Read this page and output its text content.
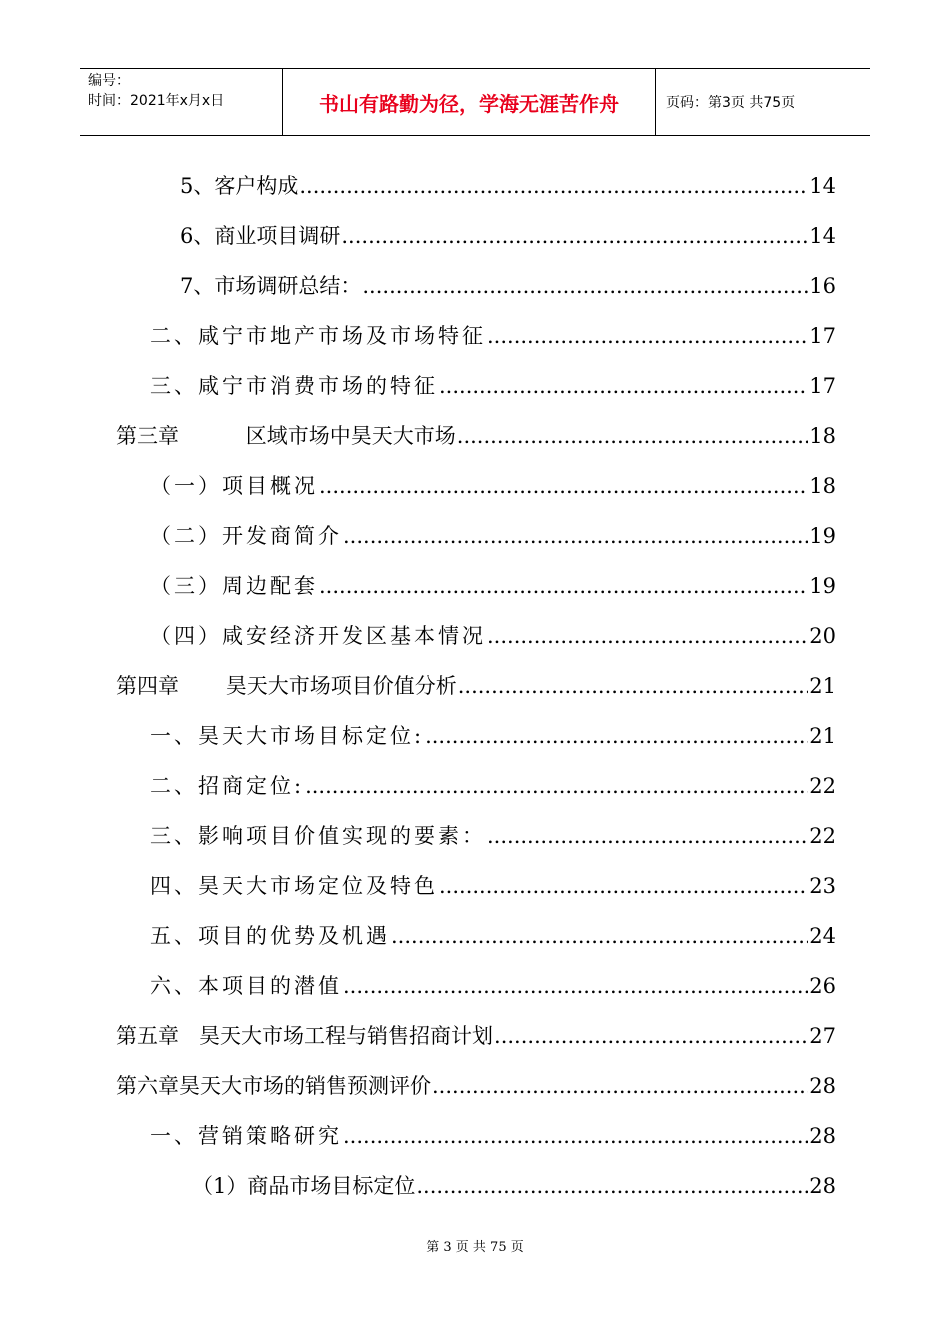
编号：
时间：2021年x月x日	书山有路勤为径，学海无涯苦作舟	页码：第3页 共75页
5、客户构成 .....	14
6、商业项目调研 .....	14
7、市场调研总结： .....	16
二、咸宁市地产市场及市场特征 .....	17
三、咸宁市消费市场的特征 .....	17
第三章          区域市场中昊天大市场 .....	18
（一）项目概况 .....	18
（二）开发商简介 .....	19
（三）周边配套 .....	19
（四）咸安经济开发区基本情况 .....	20
第四章       昊天大市场项目价值分析 .....	21
一、昊天大市场目标定位: .....	21
二、招商定位: .....	22
三、影响项目价值实现的要素： .....	22
四、昊天大市场定位及特色 .....	23
五、项目的优势及机遇 .....	24
六、本项目的潜值 .....	26
第五章   昊天大市场工程与销售招商计划 .....	27
第六章昊天大市场的销售预测评价 .....	28
一、营销策略研究 .....	28
（1）商品市场目标定位 .....	28
第 3 页 共 75 页
